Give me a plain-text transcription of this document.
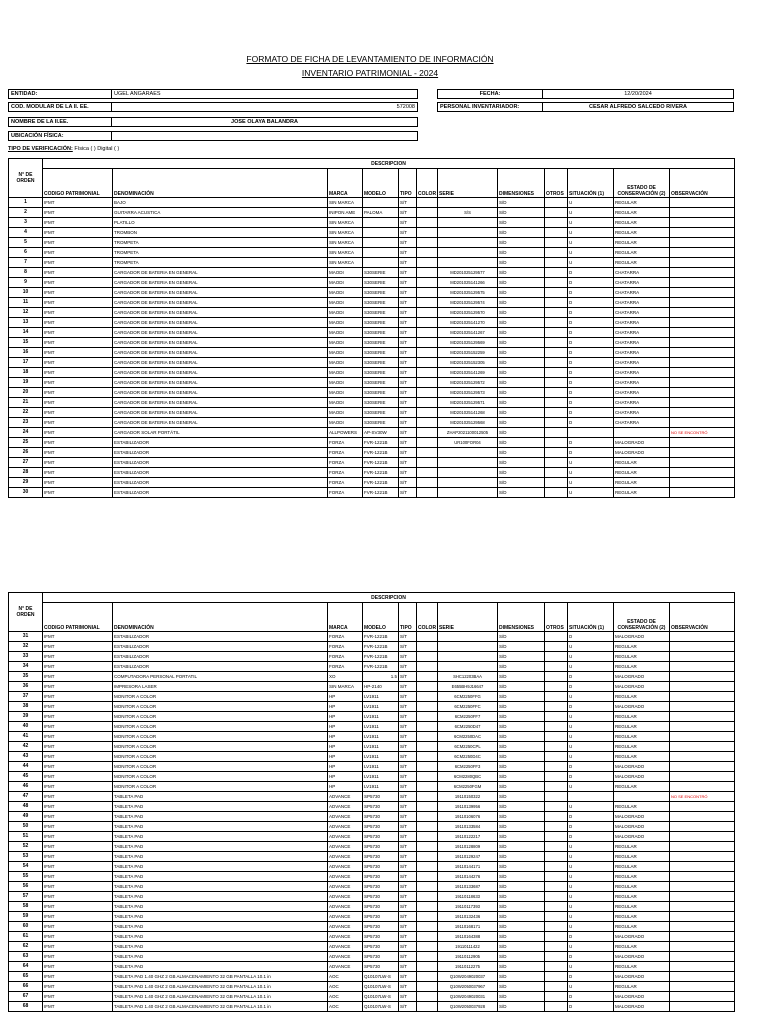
FORMATO DE FICHA DE LEVANTAMIENTO DE INFORMACIÓN
INVENTARIO PATRIMONIAL - 2024
ENTIDAD:	UGEL ANGARAES
COD. MODULAR DE LA II. EE.	572008
NOMBRE DE LA II.EE.	JOSE OLAYA BALANDRA
UBICACIÓN FÍSICA:
FECHA:	12/20/2024
PERSONAL INVENTARIADOR:	CESAR ALFREDO SALCEDO RIVERA
TIPO DE VERIFICACIÓN: Física ( ) Digital ( )
N° DE ORDEN	DESCRIPCION											
	CODIGO PATRIMONIAL	DENOMINACIÓN	MARCA	MODELO	TIPO	COLOR	SERIE	DIMENSIONES	OTROS	SITUACIÓN (1)	ESTADO DE CONSERVACIÓN (2)	OBSERVACIÓN
1	IFMT	BAJO	SIN MARCA		S/T			S/D		U	REGULAR	
2	IFMT	GUITARRA ACUSTICA	INIPON AME	PALOMA	S/T		S/S	S/D		U	REGULAR	
3	IFMT	PLATILLO	SIN MARCA		S/T			S/D		U	REGULAR	
4	IFMT	TROMBON	SIN MARCA		S/T			S/D		U	REGULAR	
5	IFMT	TROMPETA	SIN MARCA		S/T			S/D		U	REGULAR	
6	IFMT	TROMPETA	SIN MARCA		S/T			S/D		U	REGULAR	
7	IFMT	TROMPETA	SIN MARCA		S/T			S/D		U	REGULAR	
8	IFMT	CARGADOR DE BATERIA EN GENERAL	MAODI	S30SERIE	S/T		MD201025129577	S/D		D	CHATARRA	
9	IFMT	CARGADOR DE BATERIA EN GENERAL	MAODI	S30SERIE	S/T		MD201025141266	S/D		D	CHATARRA	
10	IFMT	CARGADOR DE BATERIA EN GENERAL	MAODI	S30SERIE	S/T		MD201025129575	S/D		D	CHATARRA	
11	IFMT	CARGADOR DE BATERIA EN GENERAL	MAODI	S30SERIE	S/T		MD201025129574	S/D		D	CHATARRA	
12	IFMT	CARGADOR DE BATERIA EN GENERAL	MAODI	S30SERIE	S/T		MD201025129570	S/D		D	CHATARRA	
13	IFMT	CARGADOR DE BATERIA EN GENERAL	MAODI	S30SERIE	S/T		MD201025141270	S/D		D	CHATARRA	
14	IFMT	CARGADOR DE BATERIA EN GENERAL	MAODI	S30SERIE	S/T		MD201025141267	S/D		D	CHATARRA	
15	IFMT	CARGADOR DE BATERIA EN GENERAL	MAODI	S30SERIE	S/T		MD201025129569	S/D		D	CHATARRA	
16	IFMT	CARGADOR DE BATERIA EN GENERAL	MAODI	S30SERIE	S/T		MD201025152259	S/D		D	CHATARRA	
17	IFMT	CARGADOR DE BATERIA EN GENERAL	MAODI	S30SERIE	S/T		MD201025152305	S/D		D	CHATARRA	
18	IFMT	CARGADOR DE BATERIA EN GENERAL	MAODI	S30SERIE	S/T		MD201025141269	S/D		D	CHATARRA	
19	IFMT	CARGADOR DE BATERIA EN GENERAL	MAODI	S30SERIE	S/T		MD201025129572	S/D		D	CHATARRA	
20	IFMT	CARGADOR DE BATERIA EN GENERAL	MAODI	S30SERIE	S/T		MD201025129573	S/D		D	CHATARRA	
21	IFMT	CARGADOR DE BATERIA EN GENERAL	MAODI	S30SERIE	S/T		MD201025129571	S/D		D	CHATARRA	
22	IFMT	CARGADOR DE BATERIA EN GENERAL	MAODI	S30SERIE	S/T		MD201025141268	S/D		D	CHATARRA	
23	IFMT	CARGADOR DE BATERIA EN GENERAL	MAODI	S30SERIE	S/T		MD201025129568	S/D		D	CHATARRA	
24	IFMT	CARGADOR SOLAR PORTÁTIL	ALLPOWERS	AP-SV30W	S/T		ZHAP2021100012505	S/D				NO SE ENCONTRÓ
25	IFMT	ESTABILIZADOR	FORZA	FVR-1221B	S/T		UR100FOR04	S/D		D	MALOGRADO	
26	IFMT	ESTABILIZADOR	FORZA	FVR-1221B	S/T			S/D		D	MALOGRADO	
27	IFMT	ESTABILIZADOR	FORZA	FVR-1221B	S/T			S/D		U	REGULAR	
28	IFMT	ESTABILIZADOR	FORZA	FVR-1221B	S/T			S/D		U	REGULAR	
29	IFMT	ESTABILIZADOR	FORZA	FVR-1221B	S/T			S/D		U	REGULAR	
30	IFMT	ESTABILIZADOR	FORZA	FVR-1221B	S/T			S/D		U	REGULAR	
N° DE ORDEN	DESCRIPCION											
	CODIGO PATRIMONIAL	DENOMINACIÓN	MARCA	MODELO	TIPO	COLOR	SERIE	DIMENSIONES	OTROS	SITUACIÓN (1)	ESTADO DE CONSERVACIÓN (2)	OBSERVACIÓN
31	IFMT	ESTABILIZADOR	FORZA	FVR-1221B	S/T			S/D		D	MALOGRADO	
32	IFMT	ESTABILIZADOR	FORZA	FVR-1221B	S/T			S/D		U	REGULAR	
33	IFMT	ESTABILIZADOR	FORZA	FVR-1221B	S/T			S/D		U	REGULAR	
34	IFMT	ESTABILIZADOR	FORZA	FVR-1221B	S/T			S/D		U	REGULAR	
35	IFMT	COMPUTADORA PERSONAL PORTATIL	XO	1.5	S/T		SHC12203BAA	S/D		D	MALOGRADO	
36	IFMT	IMPRESORA LASER	SIN MARCA	HP-2140	S/T		E655BH9J16647	S/D		D	MALOGRADO	
37	IFMT	MONITOR A COLOR	HP	LV1911	S/T		6CM2250FFG	S/D		U	REGULAR	
38	IFMT	MONITOR A COLOR	HP	LV1911	S/T		6CM2250FFC	S/D		D	MALOGRADO	
39	IFMT	MONITOR A COLOR	HP	LV1911	S/T		6CM2250FF7	S/D		U	REGULAR	
40	IFMT	MONITOR A COLOR	HP	LV1911	S/T		6CM2250D47	S/D		U	REGULAR	
41	IFMT	MONITOR A COLOR	HP	LV1911	S/T		6CM2250DAC	S/D		U	REGULAR	
42	IFMT	MONITOR A COLOR	HP	LV1911	S/T		6CM2250CPL	S/D		U	REGULAR	
43	IFMT	MONITOR A COLOR	HP	LV1911	S/T		6CM2250D4C	S/D		U	REGULAR	
44	IFMT	MONITOR A COLOR	HP	LV1911	S/T		6CM2250FF3	S/D		D	MALOGRADO	
45	IFMT	MONITOR A COLOR	HP	LV1911	S/T		6CM2280QBC	S/D		D	MALOGRADO	
46	IFMT	MONITOR A COLOR	HP	LV1911	S/T		6CM2250FGM	S/D		U	REGULAR	
47	IFMT	TABLETA PAD	ADVANCE	SP5730	S/T		19110150322	S/D				NO SE ENCONTRÓ
48	IFMT	TABLETA PAD	ADVANCE	SP5730	S/T		19110139956	S/D		U	REGULAR	
49	IFMT	TABLETA PAD	ADVANCE	SP5730	S/T		19110106076	S/D		D	MALOGRADO	
50	IFMT	TABLETA PAD	ADVANCE	SP5730	S/T		19110133584	S/D		D	MALOGRADO	
51	IFMT	TABLETA PAD	ADVANCE	SP5730	S/T		19110122217	S/D		D	MALOGRADO	
52	IFMT	TABLETA PAD	ADVANCE	SP5730	S/T		19110128809	S/D		U	REGULAR	
53	IFMT	TABLETA PAD	ADVANCE	SP5730	S/T		19110129247	S/D		U	REGULAR	
54	IFMT	TABLETA PAD	ADVANCE	SP5730	S/T		19110144171	S/D		U	REGULAR	
55	IFMT	TABLETA PAD	ADVANCE	SP5730	S/T		19110144276	S/D		U	REGULAR	
56	IFMT	TABLETA PAD	ADVANCE	SP5730	S/T		19110133687	S/D		U	REGULAR	
57	IFMT	TABLETA PAD	ADVANCE	SP5730	S/T		19110118633	S/D		U	REGULAR	
58	IFMT	TABLETA PAD	ADVANCE	SP5730	S/T		19110117393	S/D		U	REGULAR	
59	IFMT	TABLETA PAD	ADVANCE	SP5730	S/T		19110132436	S/D		U	REGULAR	
60	IFMT	TABLETA PAD	ADVANCE	SP5730	S/T		19110168171	S/D		U	REGULAR	
61	IFMT	TABLETA PAD	ADVANCE	SP5730	S/T		19110164388	S/D		D	MALOGRADO	
62	IFMT	TABLETA PAD	ADVANCE	SP5730	S/T		19110111422	S/D		U	REGULAR	
63	IFMT	TABLETA PAD	ADVANCE	SP5730	S/T		19110112905	S/D		D	MALOGRADO	
64	IFMT	TABLETA PAD	ADVANCE	SP5730	S/T		19110112275	S/D		U	REGULAR	
65	IFMT	TABLETA PAD 1.40 GHZ 2 GB ALMACENAMIENTO 32 GB PANTALLA 10.1 in	AOC	Q10107LW-S	S/T		Q10W2049020037	S/D		D	MALOGRADO	
66	IFMT	TABLETA PAD 1.40 GHZ 2 GB ALMACENAMIENTO 32 GB PANTALLA 10.1 in	AOC	Q10107LW-S	S/T		Q10W2050037967	S/D		U	REGULAR	
67	IFMT	TABLETA PAD 1.40 GHZ 2 GB ALMACENAMIENTO 32 GB PANTALLA 10.1 in	AOC	Q10107LW-S	S/T		Q10W2049020031	S/D		D	MALOGRADO	
68	IFMT	TABLETA PAD 1.40 GHZ 2 GB ALMACENAMIENTO 32 GB PANTALLA 10.1 in	AOC	Q10107LW-S	S/T		Q10W2050037928	S/D		D	MALOGRADO	
